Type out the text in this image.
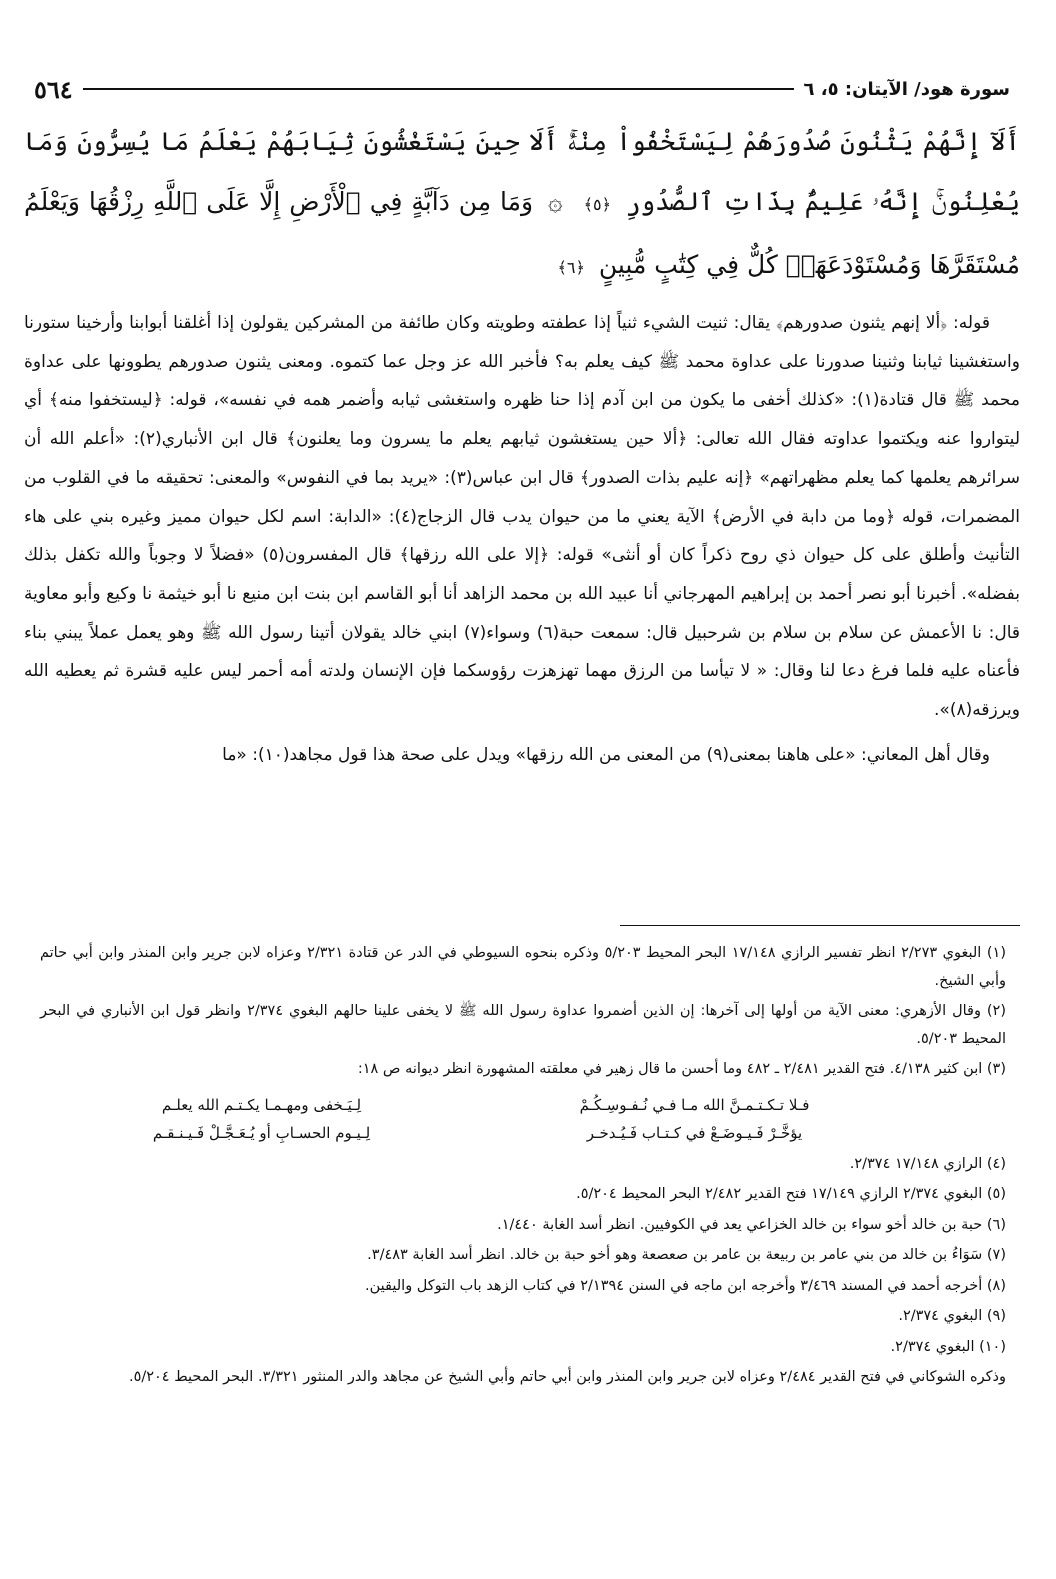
سورة هود/ الآيتان: ٥، ٦
٥٦٤
أَلَآ إِنَّهُمْ يَثْنُونَ صُدُورَهُمْ لِيَسْتَخْفُواْ مِنْهُۚ أَلَا حِينَ يَسْتَغْشُونَ ثِيَابَهُمْ يَعْلَمُ مَا يُسِرُّونَ وَمَا يُعْلِنُونَۚ إِنَّهُۥ عَلِيمٌۢ بِذَاتِ ٱلصُّدُورِ ﴿٥﴾ ۞ وَمَا مِن دَآبَّةٍ فِي ٱلْأَرْضِ إِلَّا عَلَى ٱللَّهِ رِزْقُهَا وَيَعْلَمُ مُسْتَقَرَّهَا وَمُسْتَوْدَعَهَاۚ كُلٌّ فِي كِتَٰبٍ مُّبِينٍ ﴿٦﴾

قوله: ﴿ألا إنهم يثنون صدورهم﴾ يقال: ثنيت الشيء ثنياً إذا عطفته وطويته وكان طائفة من المشركين يقولون إذا أغلقنا أبوابنا وأرخينا ستورنا واستغشينا ثيابنا وثنينا صدورنا على عداوة محمد ﷺ كيف يعلم به؟ فأخبر الله عز وجل عما كتموه. ومعنى يثنون صدورهم يطوونها على عداوة محمد ﷺ قال قتادة(١): «كذلك أخفى ما يكون من ابن آدم إذا حنا ظهره واستغشى ثيابه وأضمر همه في نفسه»، قوله: ﴿ليستخفوا منه﴾ أي ليتواروا عنه ويكتموا عداوته فقال الله تعالى: ﴿ألا حين يستغشون ثيابهم يعلم ما يسرون وما يعلنون﴾ قال ابن الأنباري(٢): «أعلم الله أن سرائرهم يعلمها كما يعلم مظهراتهم» ﴿إنه عليم بذات الصدور﴾ قال ابن عباس(٣): «يريد بما في النفوس» والمعنى: تحقيقه ما في القلوب من المضمرات، قوله ﴿وما من دابة في الأرض﴾ الآية يعني ما من حيوان يدب قال الزجاج(٤): «الدابة: اسم لكل حيوان مميز وغيره بني على هاء التأنيث وأطلق على كل حيوان ذي روح ذكراً كان أو أنثى» قوله: ﴿إلا على الله رزقها﴾ قال المفسرون(٥) «فضلاً لا وجوباً والله تكفل بذلك بفضله». أخبرنا أبو نصر أحمد بن إبراهيم المهرجاني أنا عبيد الله بن محمد الزاهد أنا أبو القاسم ابن بنت ابن منيع نا أبو خيثمة نا وكيع وأبو معاوية قال: نا الأعمش عن سلام بن سلام بن شرحبيل قال: سمعت حبة(٦) وسواء(٧) ابني خالد يقولان أتينا رسول الله ﷺ وهو يعمل عملاً يبني بناء فأعناه عليه فلما فرغ دعا لنا وقال: « لا تيأسا من الرزق مهما تهزهزت رؤوسكما فإن الإنسان ولدته أمه أحمر ليس عليه قشرة ثم يعطيه الله ويرزقه(٨)».

وقال أهل المعاني: «على هاهنا بمعنى(٩) من المعنى من الله رزقها» ويدل على صحة هذا قول مجاهد(١٠): «ما

(١) البغوي ٢/٢٧٣ انظر تفسير الرازي ١٧/١٤٨ البحر المحيط ٥/٢٠٣ وذكره بنحوه السيوطي في الدر عن قتادة ٢/٣٢١ وعزاه لابن جرير وابن المنذر وابن أبي حاتم وأبي الشيخ.
(٢) وقال الأزهري: معنى الآية من أولها إلى آخرها: إن الذين أضمروا عداوة رسول الله ﷺ لا يخفى علينا حالهم البغوي ٢/٣٧٤ وانظر قول ابن الأنباري في البحر المحيط ٥/٢٠٣.
(٣) ابن كثير ٤/١٣٨. فتح القدير ٢/٤٨١ ـ ٤٨٢ وما أحسن ما قال زهير في معلقته المشهورة انظر ديوانه ص ١٨:
فـلا تـكـتـمـنَّ الله مـا فـي نُـفـوسِـكُـمْ
لِـيَـخفى ومهـمـا يكـتـم الله يعلـم
يؤخَّـرْ فَـيـوضَـعْ في كـتـاب فَـيُـدخـر
لِـيـوم الحسـابِ أو يُـعَـجَّـلْ فَـيـنـقـم
(٤) الرازي ١٧/١٤٨ ٢/٣٧٤.
(٥) البغوي ٢/٣٧٤ الرازي ١٧/١٤٩ فتح القدير ٢/٤٨٢ البحر المحيط ٥/٢٠٤.
(٦) حبة بن خالد أخو سواء بن خالد الخزاعي يعد في الكوفيين. انظر أسد الغابة ١/٤٤٠.
(٧) سَوَاءُ بن خالد من بني عامر بن ربيعة بن عامر بن صعصعة وهو أخو حبة بن خالد. انظر أسد الغابة ٣/٤٨٣.
(٨) أخرجه أحمد في المسند ٣/٤٦٩ وأخرجه ابن ماجه في السنن ٢/١٣٩٤ في كتاب الزهد باب التوكل واليقين.
(٩) البغوي ٢/٣٧٤.
(١٠) البغوي ٢/٣٧٤.
وذكره الشوكاني في فتح القدير ٢/٤٨٤ وعزاه لابن جرير وابن المنذر وابن أبي حاتم وأبي الشيخ عن مجاهد والدر المنثور ٣/٣٢١. البحر المحيط ٥/٢٠٤.
